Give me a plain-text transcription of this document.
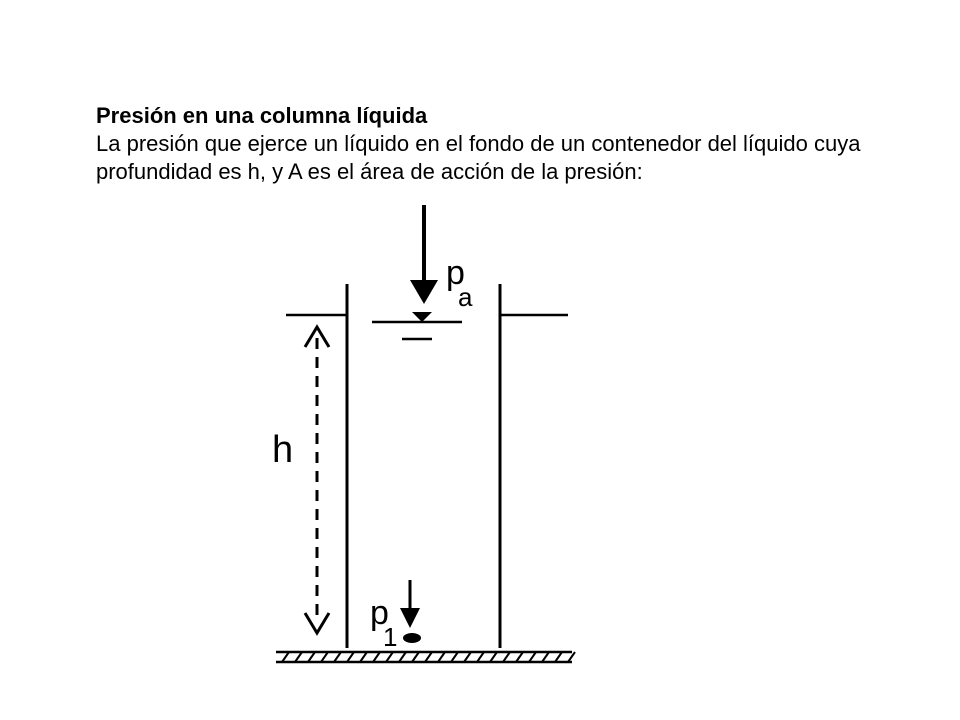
Presión en una columna líquida
La presión que ejerce un líquido en el fondo de un contenedor del líquido cuya profundidad es h, y A es el área de acción de la presión:
p
a
h
p
1
